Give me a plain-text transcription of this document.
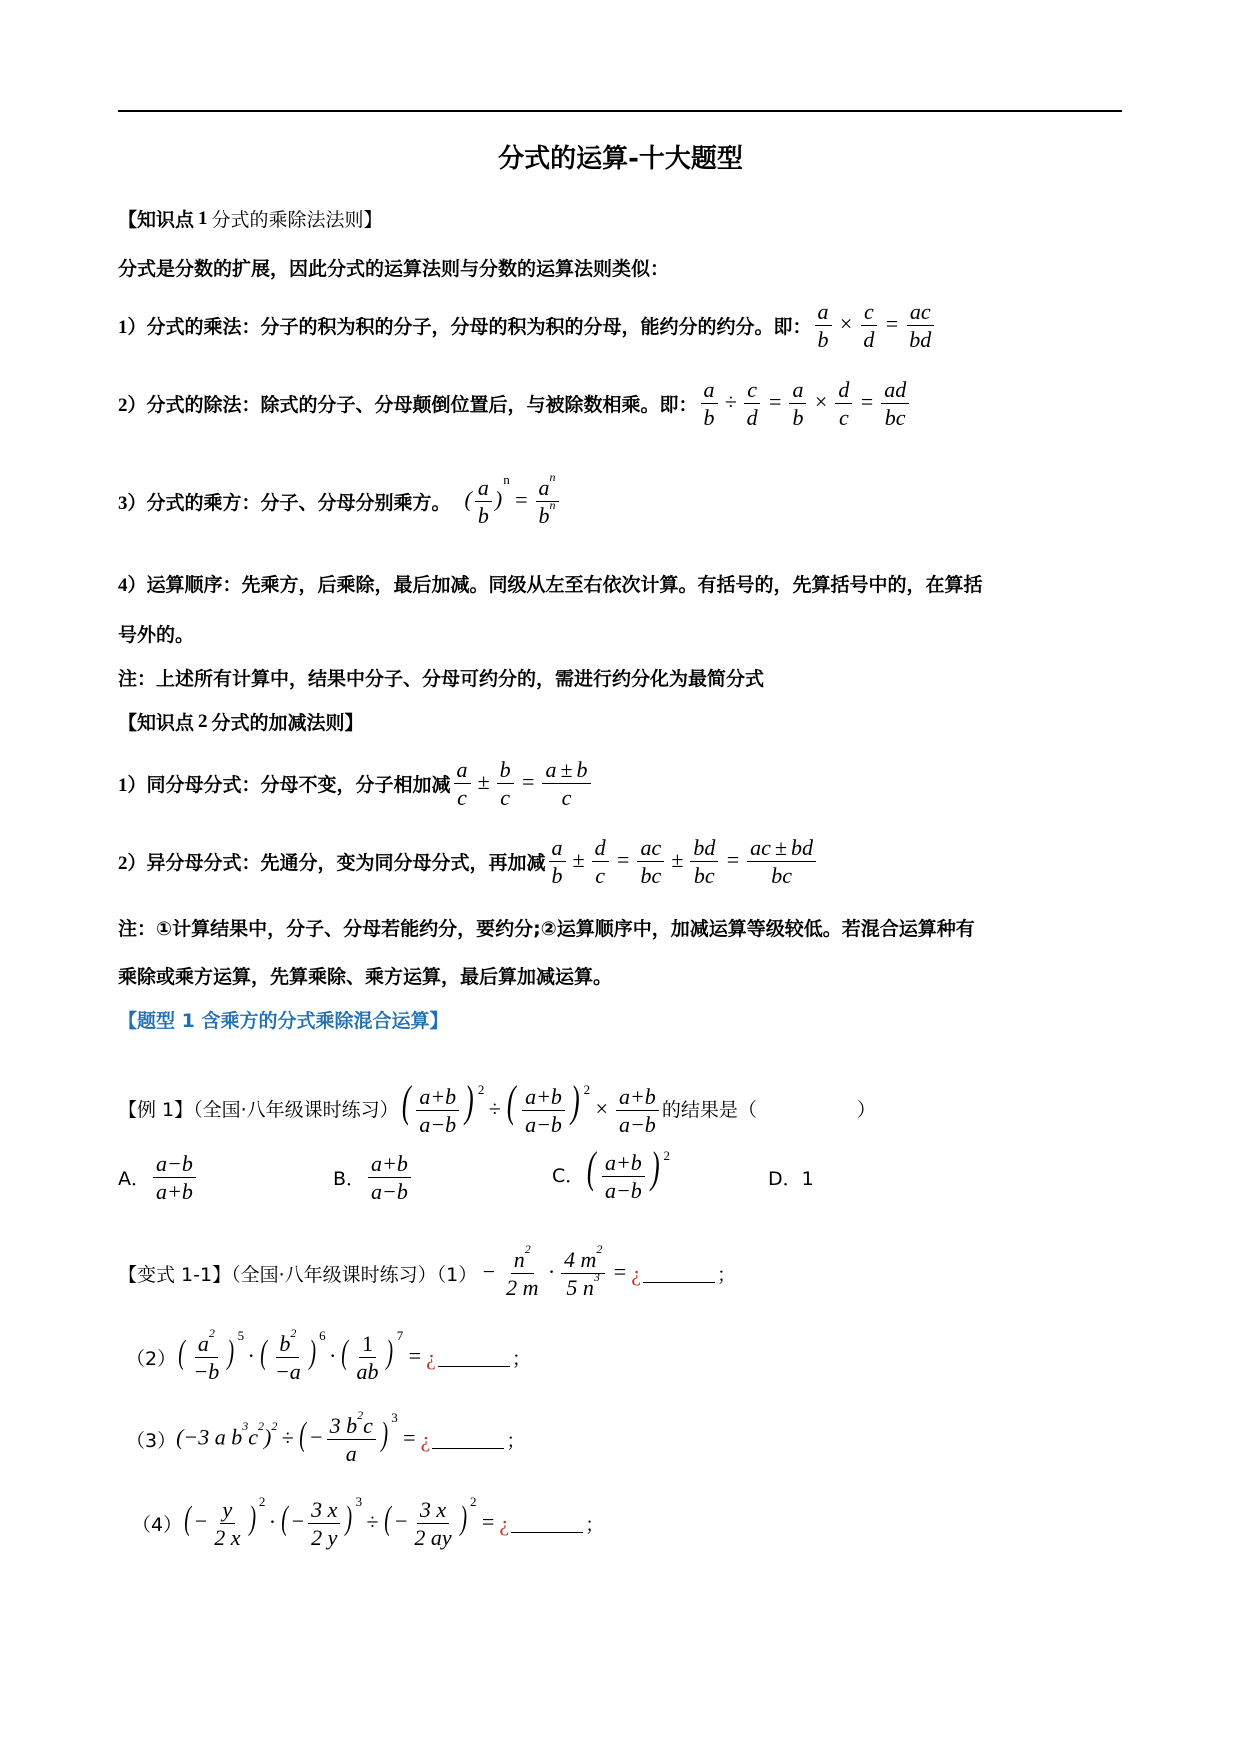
分式的运算-十大题型
【知识点 1 分式的乘除法法则】
分式是分数的扩展，因此分式的运算法则与分数的运算法则类似：
1） 分式的乘法：分子的积为积的分子，分母的积为积的分母，能约分的约分。即： $\frac{a}{b} \times \frac{c}{d} = \frac{ac}{bd}$
2） 分式的除法：除式的分子、分母颠倒位置后，与被除数相乘。即： $\frac{a}{b} \div \frac{c}{d} = \frac{a}{b} \times \frac{d}{c} = \frac{ad}{bc}$
3） 分式的乘方：分子、分母分别乘方。 ( $\frac{a}{b} )^n= \frac{a^n}{b^n}$
4） 运算顺序：先乘方，后乘除，最后加减。同级从左至右依次计算。有括号的，先算括号中的，在算括
号外的。
注：上述所有计算中，结果中分子、分母可约分的，需进行约分化为最简分式
【知识点 2 分式的加减法则】
1） 同分母分式：分母不变，分子相加减 $\frac{a}{c} \pm \frac{b}{c} = \frac{a \pm b}{c}$
2） 异分母分式：先通分，变为同分母分式，再加减 $\frac{a}{b} \pm \frac{d}{c} = \frac{ac}{bc} \pm \frac{bd}{bc} = \frac{ac \pm bd}{bc}$
注：①计算结果中，分子、分母若能约分，要约分;②运算顺序中，加减运算等级较低。若混合运算种有
乘除或乘方运算，先算乘除、乘方运算，最后算加减运算。
【题型 1 含乘方的分式乘除混合运算】
【例 1】（全国·八年级课时练习） ( $\frac{a+b}{a-b}$ ) $^2$÷ ( $\frac{a+b}{a-b}$ ) $^2\times \frac{a+b}{a-b}$ 的结果是（	）
A． $\frac{a-b}{a+b}$	B． $\frac{a+b}{a-b}$	C． ( $\frac{a+b}{a-b}$ ) $^2$
D．1
【变式 1-1】（全国·八年级课时练习）$(1) - \frac{n^2}{2 m} \cdot \frac{4 m^2}{5 n^3}$ = ¿	；
（2） ( $\frac{a^2}{-b}$ ) $^5$· ( $\frac{b^2}{-a}$ ) $^6$· ( $\frac{1}{ab}$ ) $^7$= ¿	；
（3） (−3 a $b^3c^2)^2$ ÷ ( − $\frac{3 b^2c}{a}$ ) $^3$= ¿	；
（4） ( − $\frac{y}{2 x}$ ) $^2$· ( − $\frac{3 x}{2 y}$ ) $^3$÷ ( − $\frac{3 x}{2 ay}$ ) $^2$= ¿	；
